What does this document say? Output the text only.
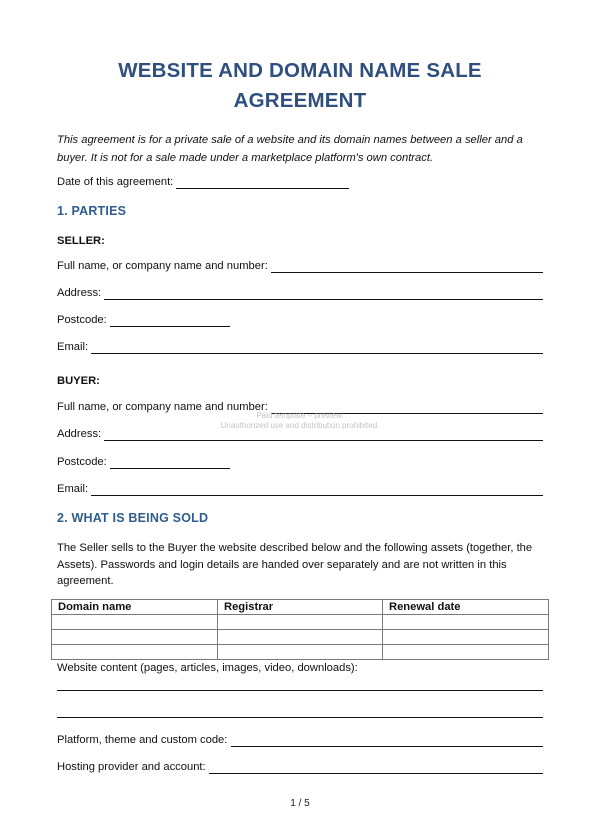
WEBSITE AND DOMAIN NAME SALE
AGREEMENT

This agreement is for a private sale of a website and its domain names between a seller and a buyer. It is not for a sale made under a marketplace platform's own contract.

Date of this agreement:
1. PARTIES
SELLER:
Full name, or company name and number:
Address:
Postcode:
Email:
BUYER:
Full name, or company name and number:
Address:
Postcode:
Email:
2. WHAT IS BEING SOLD

The Seller sells to the Buyer the website described below and the following assets (together, the Assets). Passwords and login details are handed over separately and are not written in this agreement.

Domain name	Registrar	Renewal date

Website content (pages, articles, images, video, downloads):
Platform, theme and custom code:
Hosting provider and account:
Paid template – preview.
Unauthorized use and distribution prohibited.
1 / 5
